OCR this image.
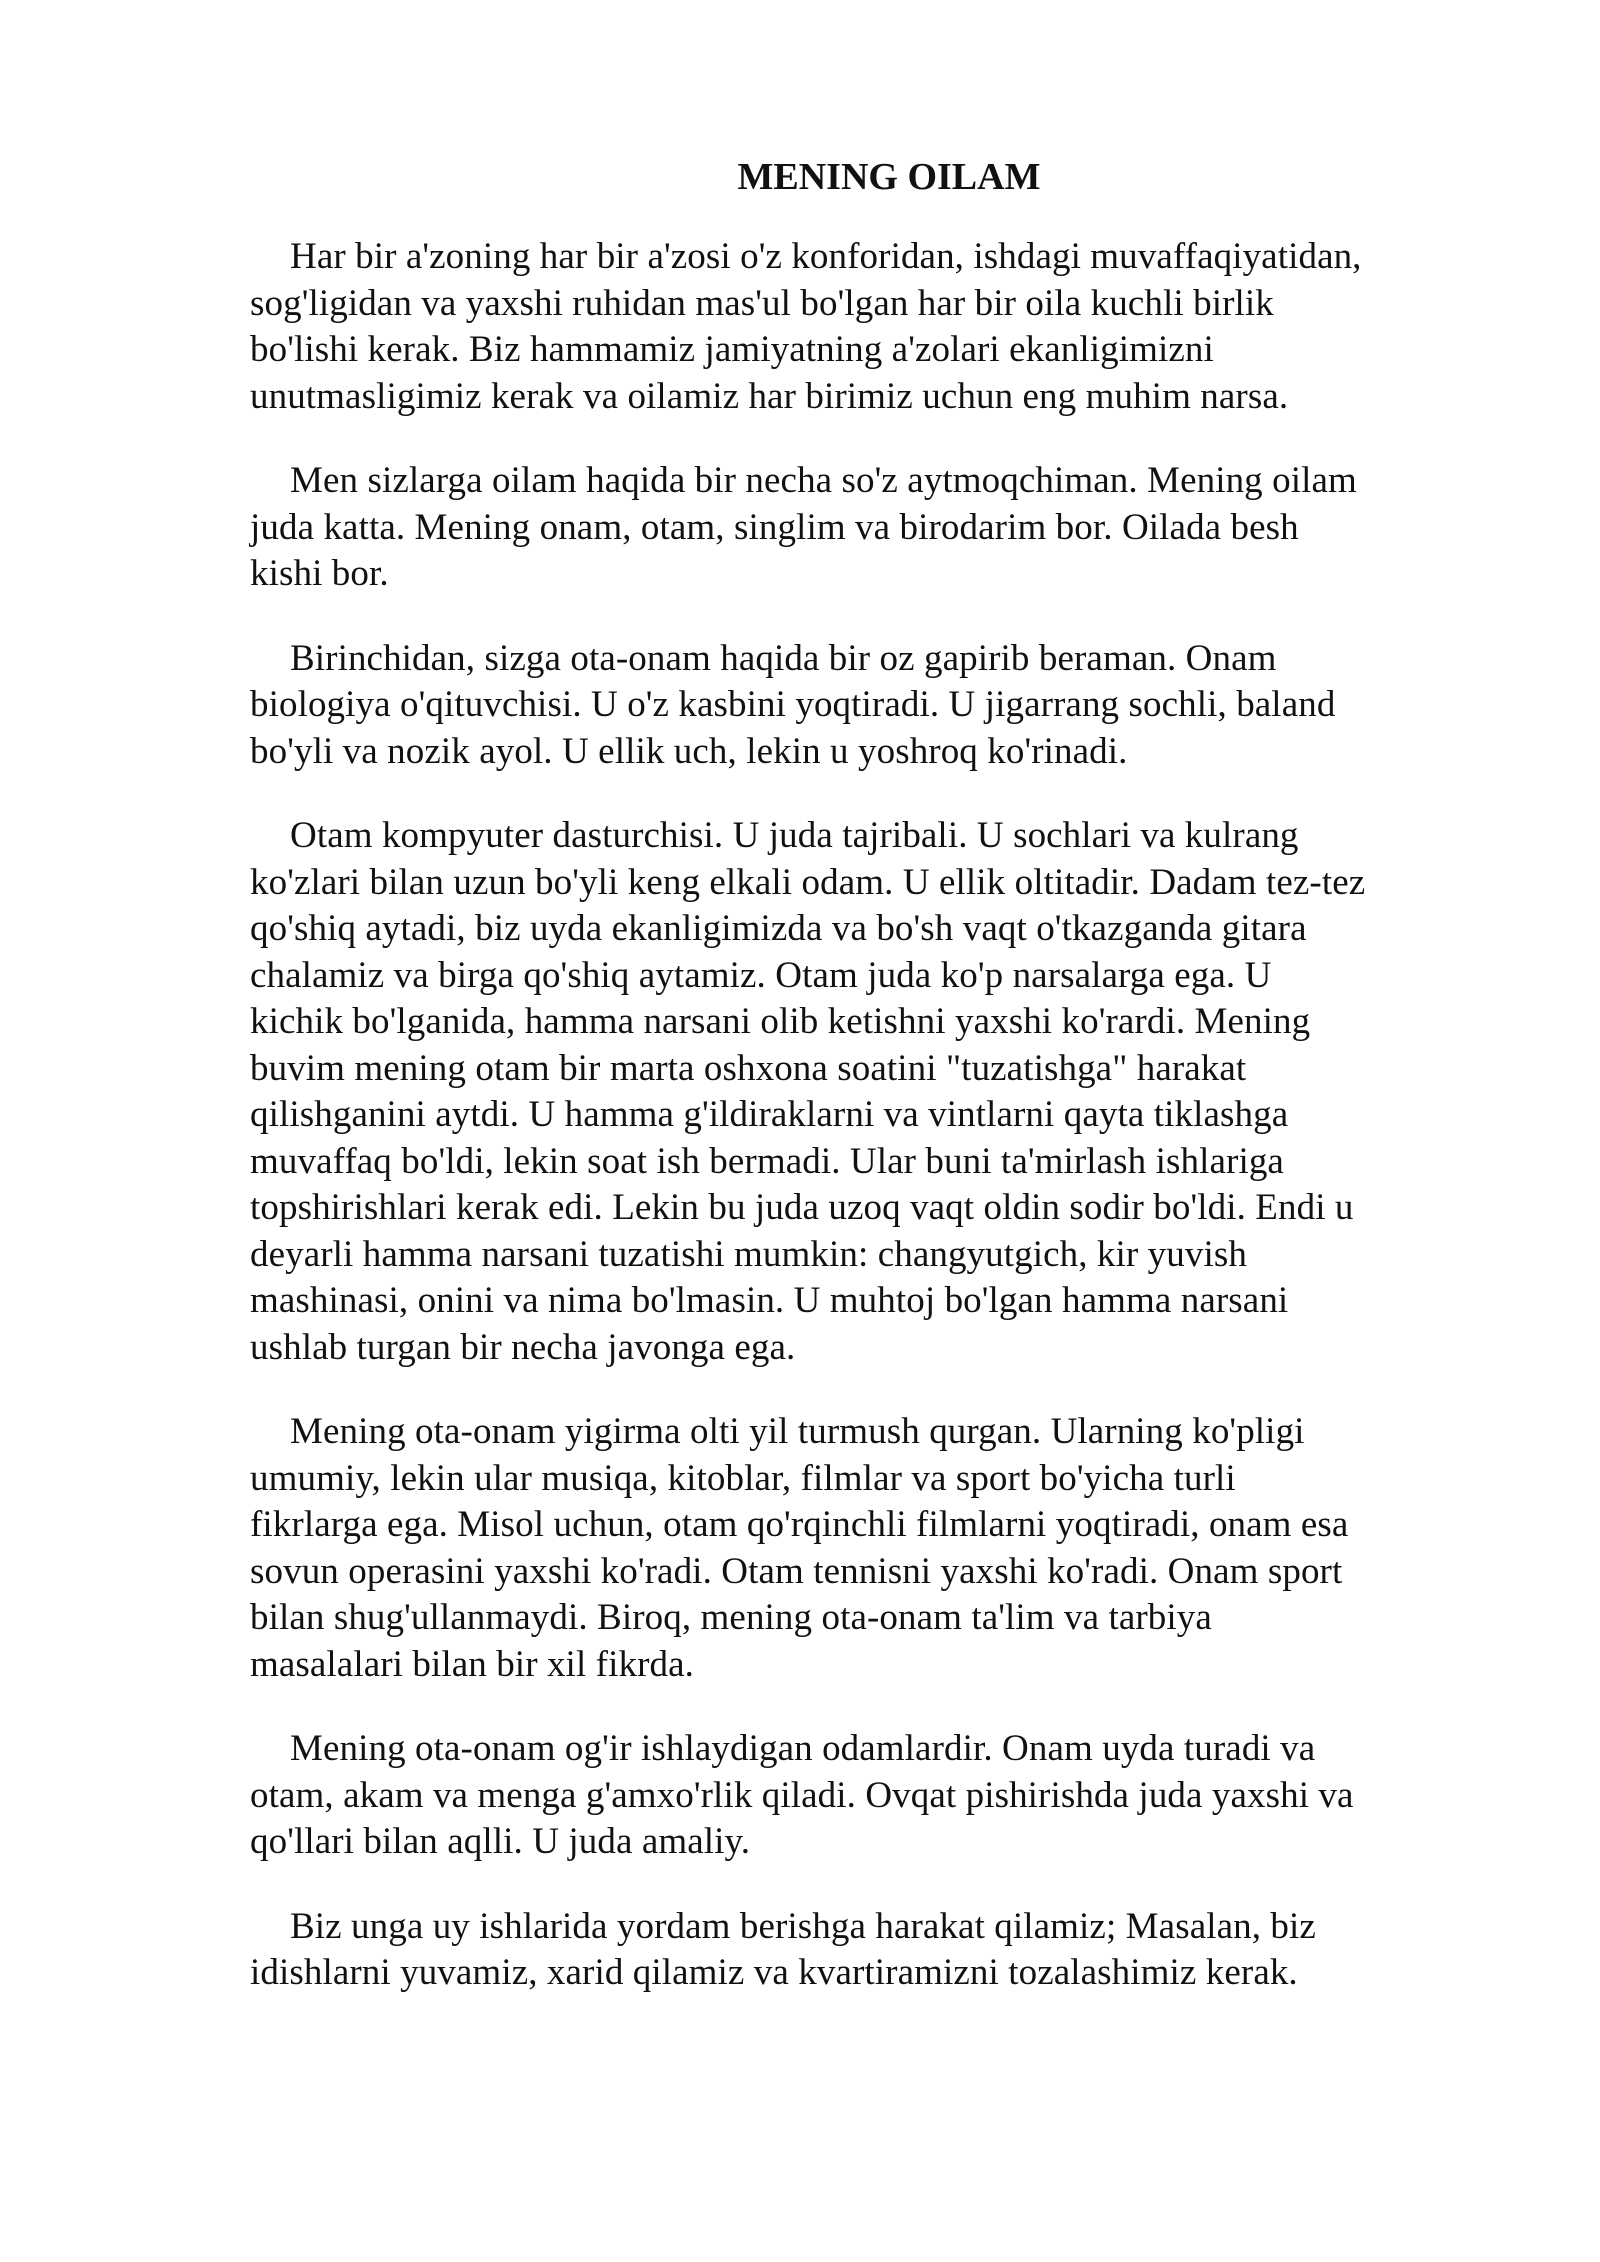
MENING OILAM

Har bir a'zoning har bir a'zosi o'z konforidan, ishdagi muvaffaqiyatidan,
sog'ligidan va yaxshi ruhidan mas'ul bo'lgan har bir oila kuchli birlik
bo'lishi kerak. Biz hammamiz jamiyatning a'zolari ekanligimizni
unutmasligimiz kerak va oilamiz har birimiz uchun eng muhim narsa.

Men sizlarga oilam haqida bir necha so'z aytmoqchiman. Mening oilam
juda katta. Mening onam, otam, singlim va birodarim bor. Oilada besh
kishi bor.

Birinchidan, sizga ota-onam haqida bir oz gapirib beraman. Onam
biologiya o'qituvchisi. U o'z kasbini yoqtiradi. U jigarrang sochli, baland
bo'yli va nozik ayol. U ellik uch, lekin u yoshroq ko'rinadi.

Otam kompyuter dasturchisi. U juda tajribali. U sochlari va kulrang
ko'zlari bilan uzun bo'yli keng elkali odam. U ellik oltitadir. Dadam tez-tez
qo'shiq aytadi, biz uyda ekanligimizda va bo'sh vaqt o'tkazganda gitara
chalamiz va birga qo'shiq aytamiz. Otam juda ko'p narsalarga ega. U
kichik bo'lganida, hamma narsani olib ketishni yaxshi ko'rardi. Mening
buvim mening otam bir marta oshxona soatini "tuzatishga" harakat
qilishganini aytdi. U hamma g'ildiraklarni va vintlarni qayta tiklashga
muvaffaq bo'ldi, lekin soat ish bermadi. Ular buni ta'mirlash ishlariga
topshirishlari kerak edi. Lekin bu juda uzoq vaqt oldin sodir bo'ldi. Endi u
deyarli hamma narsani tuzatishi mumkin: changyutgich, kir yuvish
mashinasi, onini va nima bo'lmasin. U muhtoj bo'lgan hamma narsani
ushlab turgan bir necha javonga ega.

Mening ota-onam yigirma olti yil turmush qurgan. Ularning ko'pligi
umumiy, lekin ular musiqa, kitoblar, filmlar va sport bo'yicha turli
fikrlarga ega. Misol uchun, otam qo'rqinchli filmlarni yoqtiradi, onam esa
sovun operasini yaxshi ko'radi. Otam tennisni yaxshi ko'radi. Onam sport
bilan shug'ullanmaydi. Biroq, mening ota-onam ta'lim va tarbiya
masalalari bilan bir xil fikrda.

Mening ota-onam og'ir ishlaydigan odamlardir. Onam uyda turadi va
otam, akam va menga g'amxo'rlik qiladi. Ovqat pishirishda juda yaxshi va
qo'llari bilan aqlli. U juda amaliy.

Biz unga uy ishlarida yordam berishga harakat qilamiz; Masalan, biz
idishlarni yuvamiz, xarid qilamiz va kvartiramizni tozalashimiz kerak.
